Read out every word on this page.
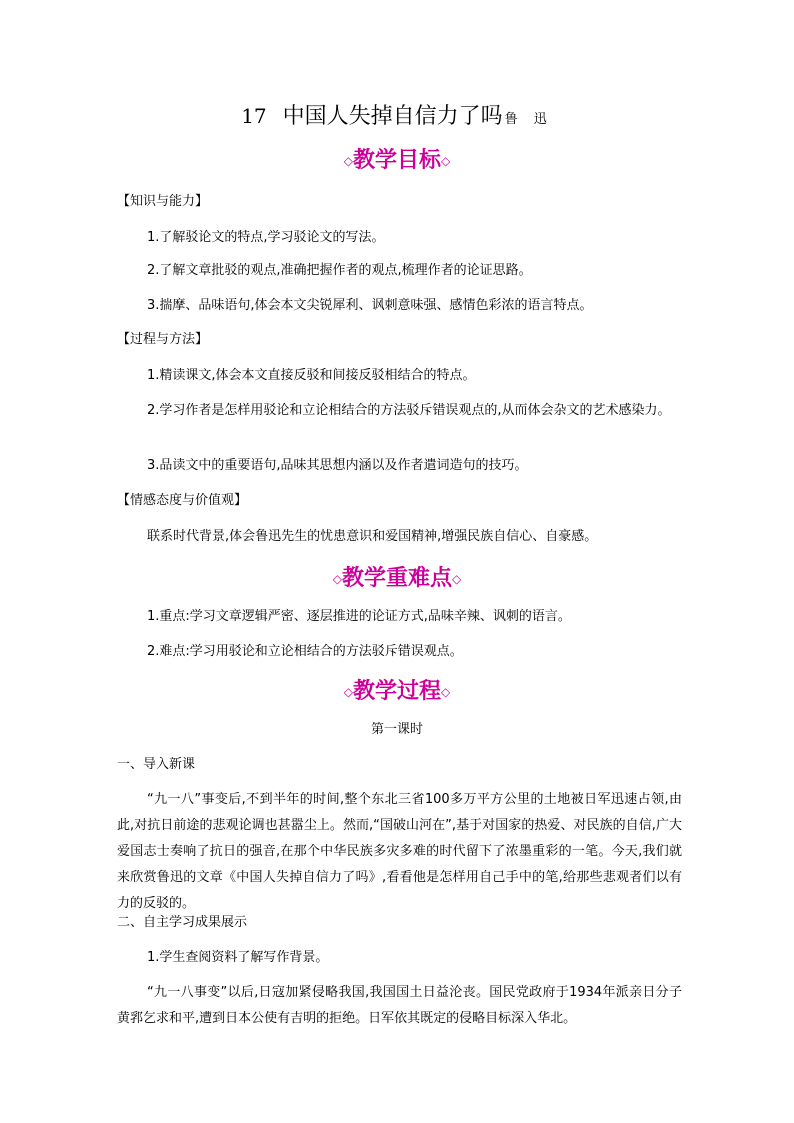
17 中国人失掉自信力了吗 鲁 迅
◇教学目标◇
【知识与能力】
1.了解驳论文的特点,学习驳论文的写法。
2.了解文章批驳的观点,准确把握作者的观点,梳理作者的论证思路。
3.揣摩、品味语句,体会本文尖锐犀利、讽刺意味强、感情色彩浓的语言特点。
【过程与方法】
1.精读课文,体会本文直接反驳和间接反驳相结合的特点。

2.学习作者是怎样用驳论和立论相结合的方法驳斥错误观点的,从而体会杂文的艺术感染力。

3.品读文中的重要语句,品味其思想内涵以及作者遣词造句的技巧。
【情感态度与价值观】
联系时代背景,体会鲁迅先生的忧患意识和爱国精神,增强民族自信心、自豪感。
◇教学重难点◇
1.重点:学习文章逻辑严密、逐层推进的论证方式,品味辛辣、讽刺的语言。
2.难点:学习用驳论和立论相结合的方法驳斥错误观点。
◇教学过程◇
第一课时
一、导入新课

“九一八”事变后,不到半年的时间,整个东北三省100多万平方公里的土地被日军迅速占领,由此,对抗日前途的悲观论调也甚嚣尘上。然而,“国破山河在”,基于对国家的热爱、对民族的自信,广大爱国志士奏响了抗日的强音,在那个中华民族多灾多难的时代留下了浓墨重彩的一笔。今天,我们就来欣赏鲁迅的文章《中国人失掉自信力了吗》,看看他是怎样用自己手中的笔,给那些悲观者们以有力的反驳的。

二、自主学习成果展示
1.学生查阅资料了解写作背景。

“九一八事变”以后,日寇加紧侵略我国,我国国土日益沦丧。国民党政府于1934年派亲日分子黄郛乞求和平,遭到日本公使有吉明的拒绝。日军依其既定的侵略目标深入华北。
